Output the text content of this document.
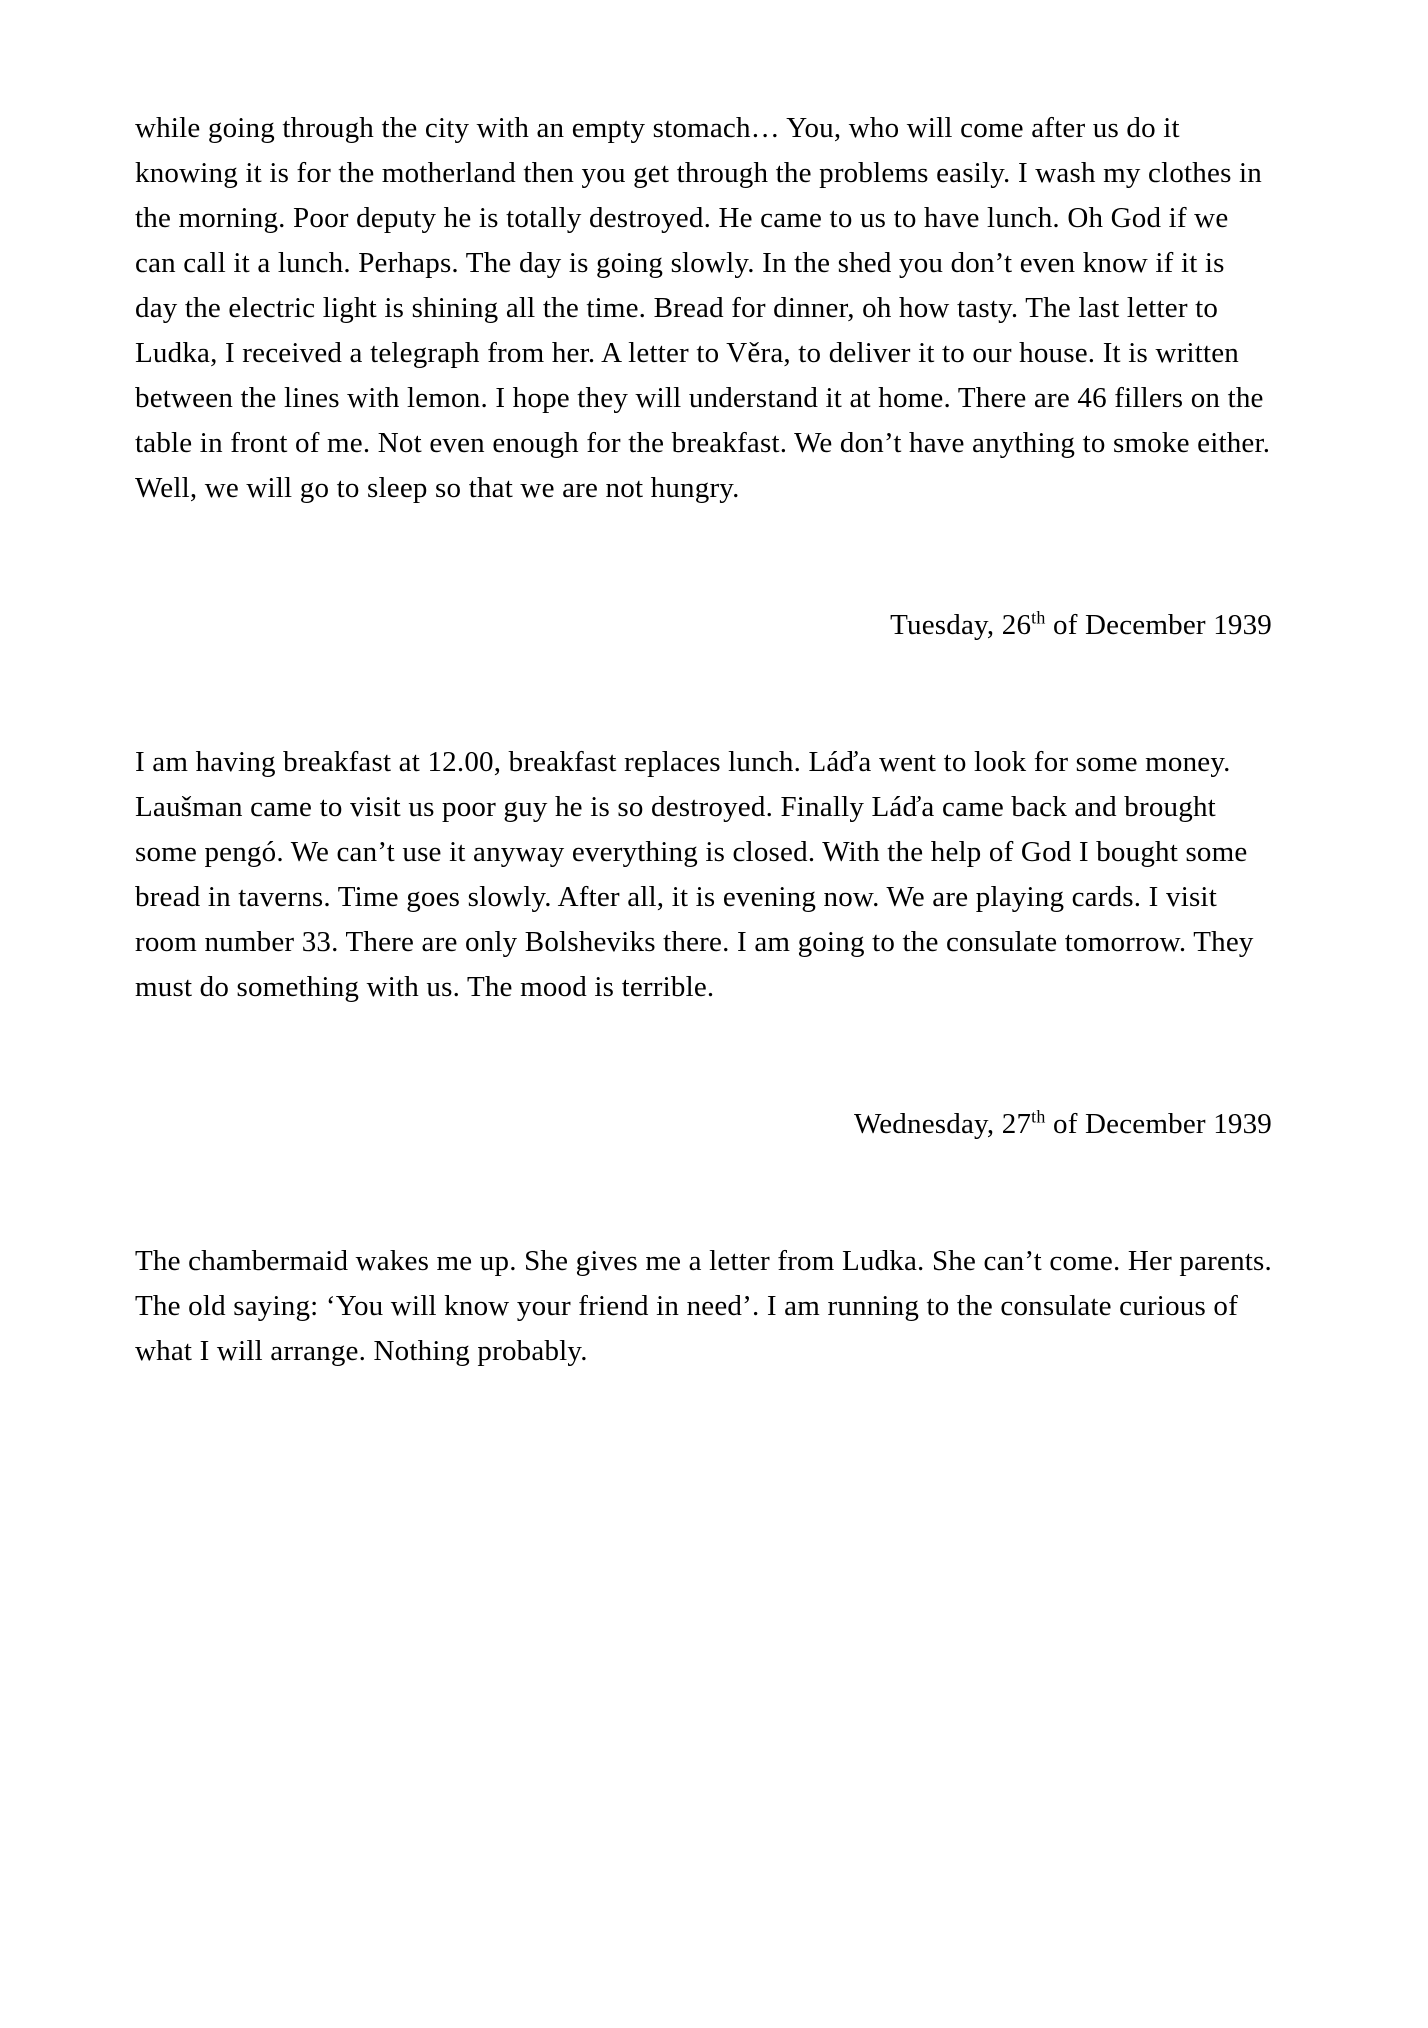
while going through the city with an empty stomach… You, who will come after us do it knowing it is for the motherland then you get through the problems easily. I wash my clothes in the morning. Poor deputy he is totally destroyed. He came to us to have lunch. Oh God if we can call it a lunch. Perhaps. The day is going slowly. In the shed you don’t even know if it is day the electric light is shining all the time. Bread for dinner, oh how tasty. The last letter to Ludka, I received a telegraph from her. A letter to Věra, to deliver it to our house. It is written between the lines with lemon. I hope they will understand it at home. There are 46 fillers on the table in front of me. Not even enough for the breakfast. We don’t have anything to smoke either. Well, we will go to sleep so that we are not hungry.

Tuesday, 26th of December 1939

I am having breakfast at 12.00, breakfast replaces lunch. Láďa went to look for some money. Laušman came to visit us poor guy he is so destroyed. Finally Láďa came back and brought some pengó. We can’t use it anyway everything is closed. With the help of God I bought some bread in taverns. Time goes slowly. After all, it is evening now. We are playing cards. I visit room number 33. There are only Bolsheviks there. I am going to the consulate tomorrow. They must do something with us. The mood is terrible.

Wednesday, 27th of December 1939

The chambermaid wakes me up. She gives me a letter from Ludka. She can’t come. Her parents. The old saying: ‘You will know your friend in need’. I am running to the consulate curious of what I will arrange. Nothing probably.
